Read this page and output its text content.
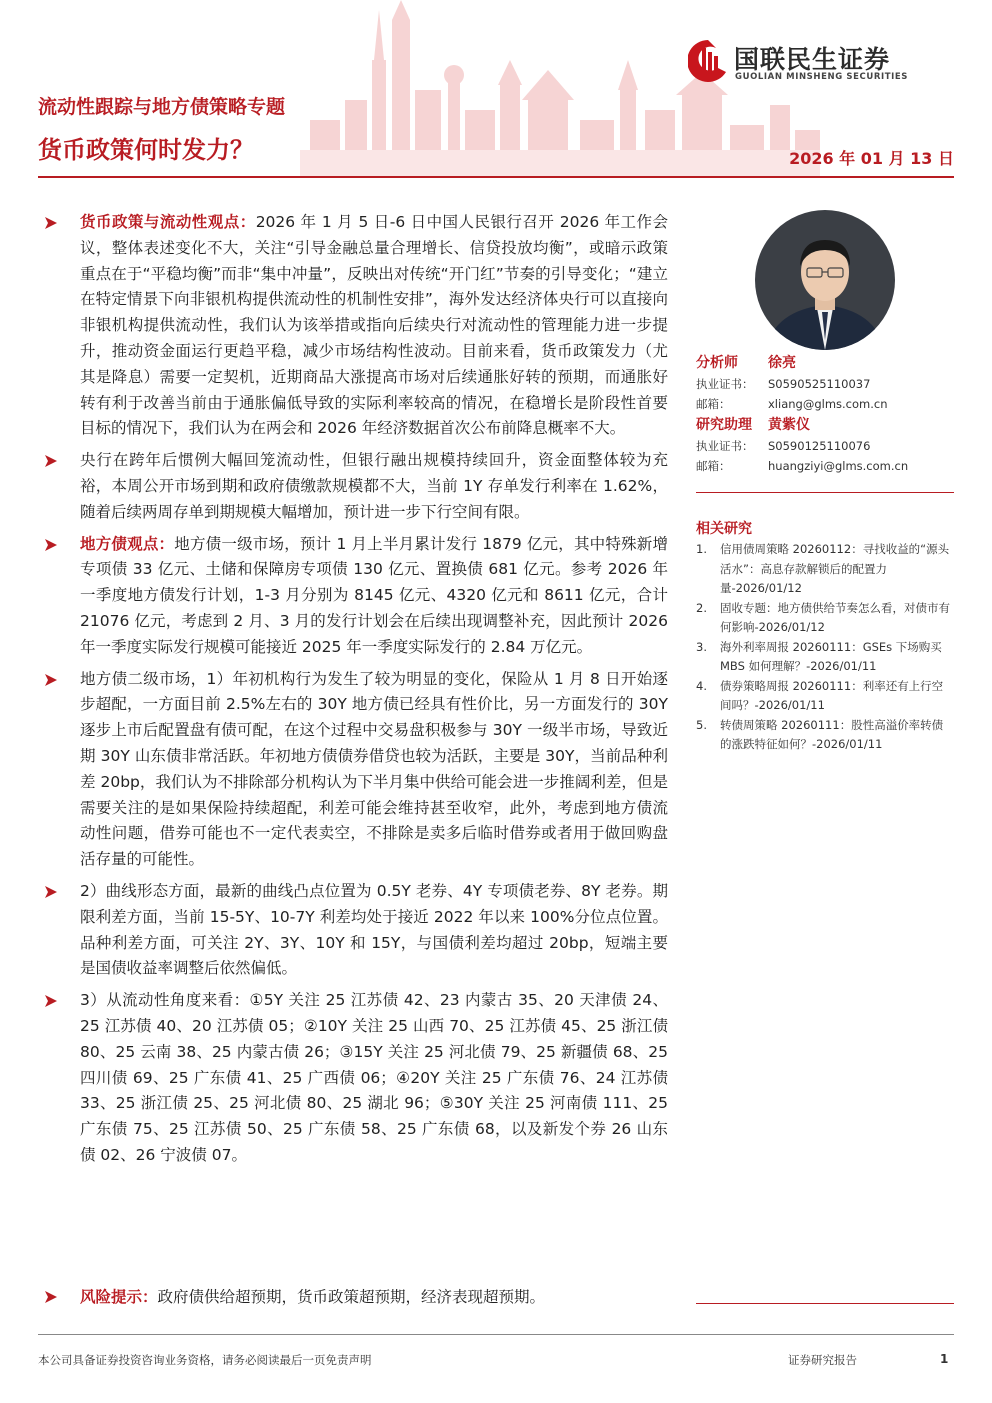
国联民生证券
GUOLIAN MINSHENG SECURITIES
流动性跟踪与地方债策略专题
货币政策何时发力？	2026 年 01 月 13 日
货币政策与流动性观点：2026 年 1 月 5 日-6 日中国人民银行召开 2026 年工作会议，整体表述变化不大，关注“引导金融总量合理增长、信贷投放均衡”，或暗示政策重点在于“平稳均衡”而非“集中冲量”，反映出对传统“开门红”节奏的引导变化；“建立在特定情景下向非银机构提供流动性的机制性安排”，海外发达经济体央行可以直接向非银机构提供流动性，我们认为该举措或指向后续央行对流动性的管理能力进一步提升，推动资金面运行更趋平稳，减少市场结构性波动。目前来看，货币政策发力（尤其是降息）需要一定契机，近期商品大涨提高市场对后续通胀好转的预期，而通胀好转有利于改善当前由于通胀偏低导致的实际利率较高的情况，在稳增长是阶段性首要目标的情况下，我们认为在两会和 2026 年经济数据首次公布前降息概率不大。
央行在跨年后惯例大幅回笼流动性，但银行融出规模持续回升，资金面整体较为充裕，本周公开市场到期和政府债缴款规模都不大，当前 1Y 存单发行利率在 1.62%，随着后续两周存单到期规模大幅增加，预计进一步下行空间有限。
地方债观点：地方债一级市场，预计 1 月上半月累计发行 1879 亿元，其中特殊新增专项债 33 亿元、土储和保障房专项债 130 亿元、置换债 681 亿元。参考 2026 年一季度地方债发行计划，1-3 月分别为 8145 亿元、4320 亿元和 8611 亿元，合计 21076 亿元，考虑到 2 月、3 月的发行计划会在后续出现调整补充，因此预计 2026 年一季度实际发行规模可能接近 2025 年一季度实际发行的 2.84 万亿元。
地方债二级市场，1）年初机构行为发生了较为明显的变化，保险从 1 月 8 日开始逐步超配，一方面目前 2.5%左右的 30Y 地方债已经具有性价比，另一方面发行的 30Y 逐步上市后配置盘有债可配，在这个过程中交易盘积极参与 30Y 一级半市场，导致近期 30Y 山东债非常活跃。年初地方债债券借贷也较为活跃，主要是 30Y，当前品种利差 20bp，我们认为不排除部分机构认为下半月集中供给可能会进一步推阔利差，但是需要关注的是如果保险持续超配，利差可能会维持甚至收窄，此外，考虑到地方债流动性问题，借券可能也不一定代表卖空，不排除是卖多后临时借券或者用于做回购盘活存量的可能性。
2）曲线形态方面，最新的曲线凸点位置为 0.5Y 老券、4Y 专项债老券、8Y 老券。期限利差方面，当前 15-5Y、10-7Y 利差均处于接近 2022 年以来 100%分位点位置。品种利差方面，可关注 2Y、3Y、10Y 和 15Y，与国债利差均超过 20bp，短端主要是国债收益率调整后依然偏低。
3）从流动性角度来看：①5Y 关注 25 江苏债 42、23 内蒙古 35、20 天津债 24、25 江苏债 40、20 江苏债 05；②10Y 关注 25 山西 70、25 江苏债 45、25 浙江债 80、25 云南 38、25 内蒙古债 26；③15Y 关注 25 河北债 79、25 新疆债 68、25 四川债 69、25 广东债 41、25 广西债 06；④20Y 关注 25 广东债 76、24 江苏债 33、25 浙江债 25、25 河北债 80、25 湖北 96；⑤30Y 关注 25 河南债 111、25 广东债 75、25 江苏债 50、25 广东债 58、25 广东债 68，以及新发个券 26 山东债 02、26 宁波债 07。
风险提示：政府债供给超预期，货币政策超预期，经济表现超预期。
分析师 徐亮
执业证书： S0590525110037
邮箱：	xliang@glms.com.cn
研究助理 黄紫仪
执业证书： S0590125110076
邮箱：	huangziyi@glms.com.cn
相关研究
1. 信用债周策略 20260112：寻找收益的“源头活水”：高息存款解锁后的配置力量-2026/01/12
2. 固收专题：地方债供给节奏怎么看，对债市有何影响-2026/01/12
3. 海外利率周报 20260111：GSEs 下场购买MBS 如何理解？-2026/01/11
4. 债券策略周报 20260111：利率还有上行空间吗？-2026/01/11
5. 转债周策略 20260111：股性高溢价率转债的涨跌特征如何？-2026/01/11
本公司具备证券投资咨询业务资格，请务必阅读最后一页免责声明	证券研究报告	1
